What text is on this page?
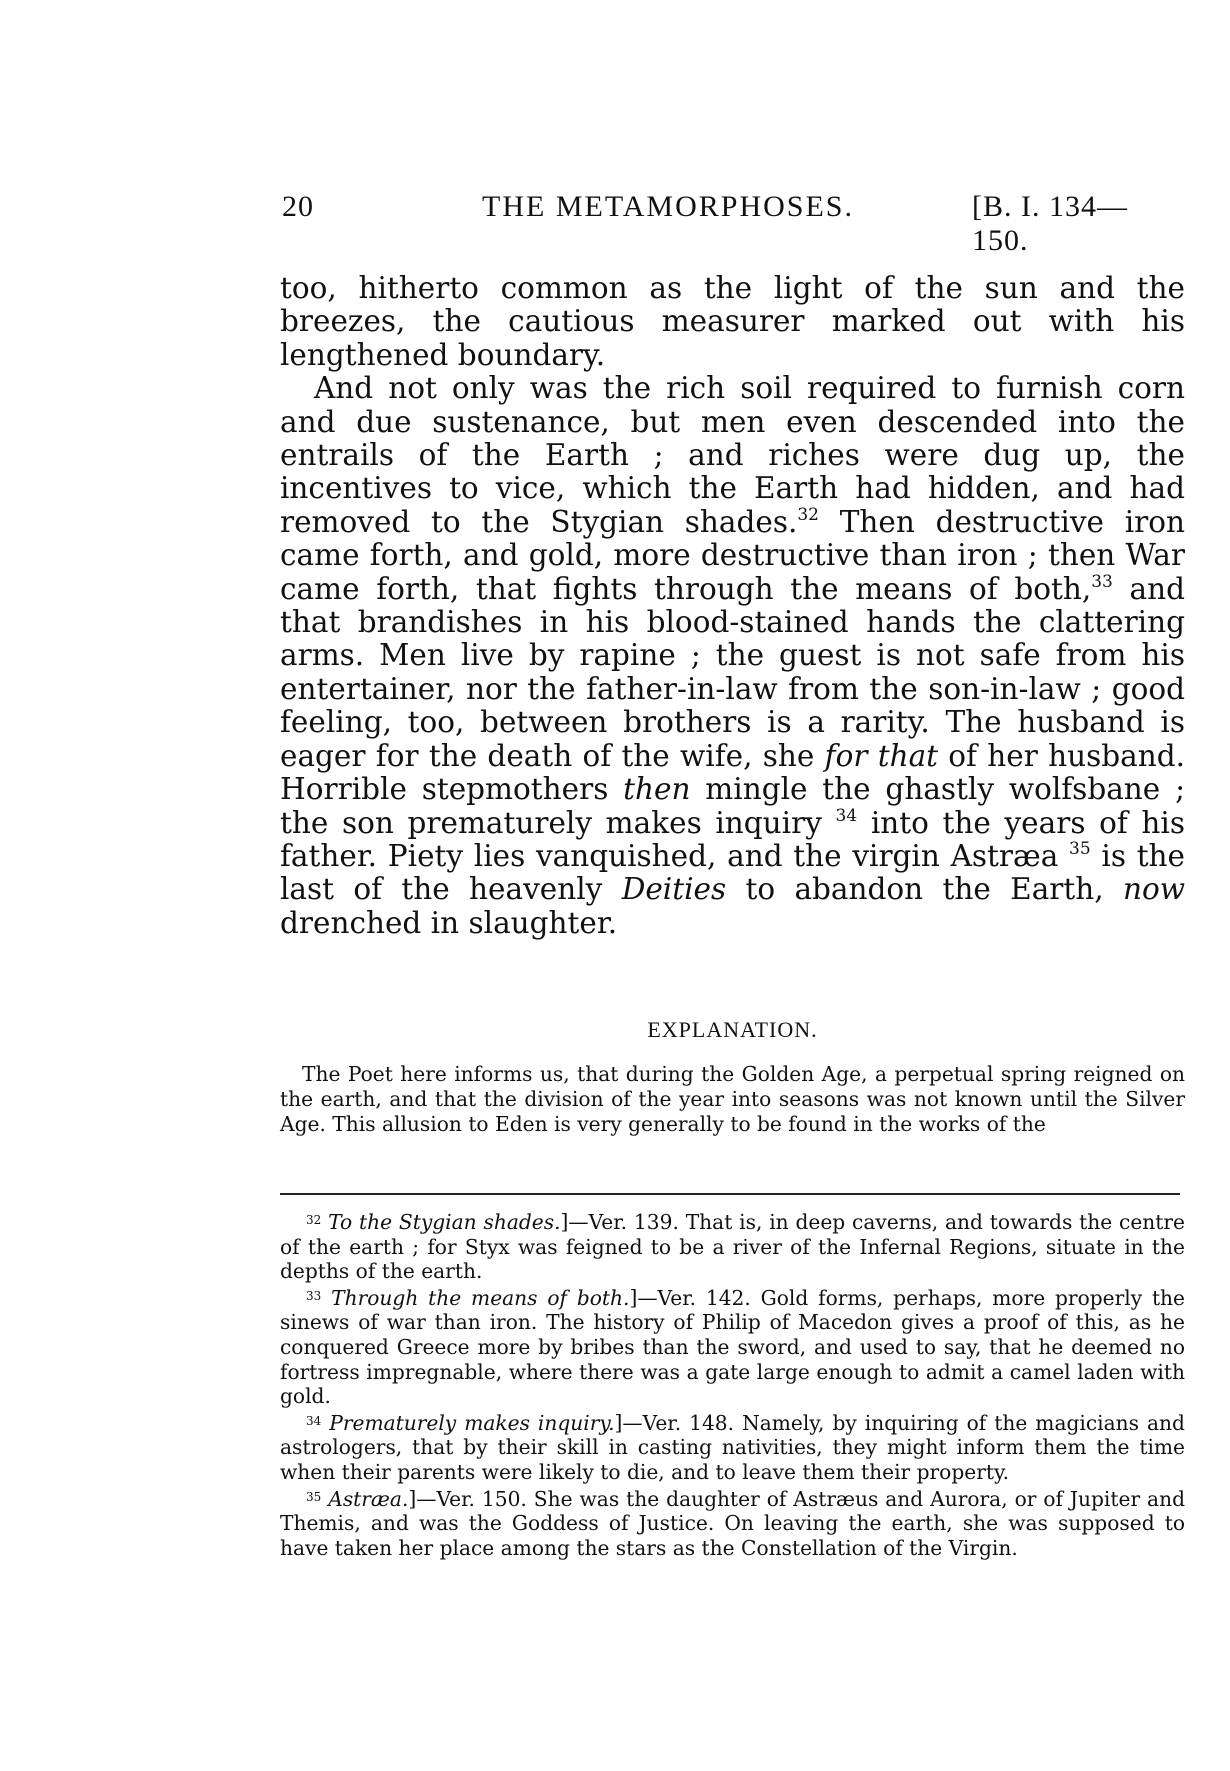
20	THE METAMORPHOSES.	[B. I. 134—150.

too, hitherto common as the light of the sun and the breezes, the cautious measurer marked out with his lengthened boundary.

And not only was the rich soil required to furnish corn and due sustenance, but men even descended into the entrails of the Earth ; and riches were dug up, the incentives to vice, which the Earth had hidden, and had removed to the Stygian shades.$^{32}$ Then destructive iron came forth, and gold, more destructive than iron ; then War came forth, that fights through the means of both,$^{33}$ and that brandishes in his blood-stained hands the clattering arms. Men live by rapine ; the guest is not safe from his entertainer, nor the father-in-law from the son-in-law ; good feeling, too, between brothers is a rarity. The husband is eager for the death of the wife, she for that of her husband. Horrible stepmothers then mingle the ghastly wolfsbane ; the son prematurely makes inquiry $^{34}$ into the years of his father. Piety lies vanquished, and the virgin Astræa $^{35}$ is the last of the heavenly Deities to abandon the Earth, now drenched in slaughter.

EXPLANATION.
The Poet here informs us, that during the Golden Age, a perpetual spring reigned on the earth, and that the division of the year into seasons was not known until the Silver Age. This allusion to Eden is very generally to be found in the works of the

$^{32}$ To the Stygian shades.]—Ver. 139. That is, in deep caverns, and towards the centre of the earth ; for Styx was feigned to be a river of the Infernal Regions, situate in the depths of the earth.

$^{33}$ Through the means of both.]—Ver. 142. Gold forms, perhaps, more properly the sinews of war than iron. The history of Philip of Macedon gives a proof of this, as he conquered Greece more by bribes than the sword, and used to say, that he deemed no fortress impregnable, where there was a gate large enough to admit a camel laden with gold.

$^{34}$ Prematurely makes inquiry.]—Ver. 148. Namely, by inquiring of the magicians and astrologers, that by their skill in casting nativities, they might inform them the time when their parents were likely to die, and to leave them their property.

$^{35}$ Astræa.]—Ver. 150. She was the daughter of Astræus and Aurora, or of Jupiter and Themis, and was the Goddess of Justice. On leaving the earth, she was supposed to have taken her place among the stars as the Constellation of the Virgin.
